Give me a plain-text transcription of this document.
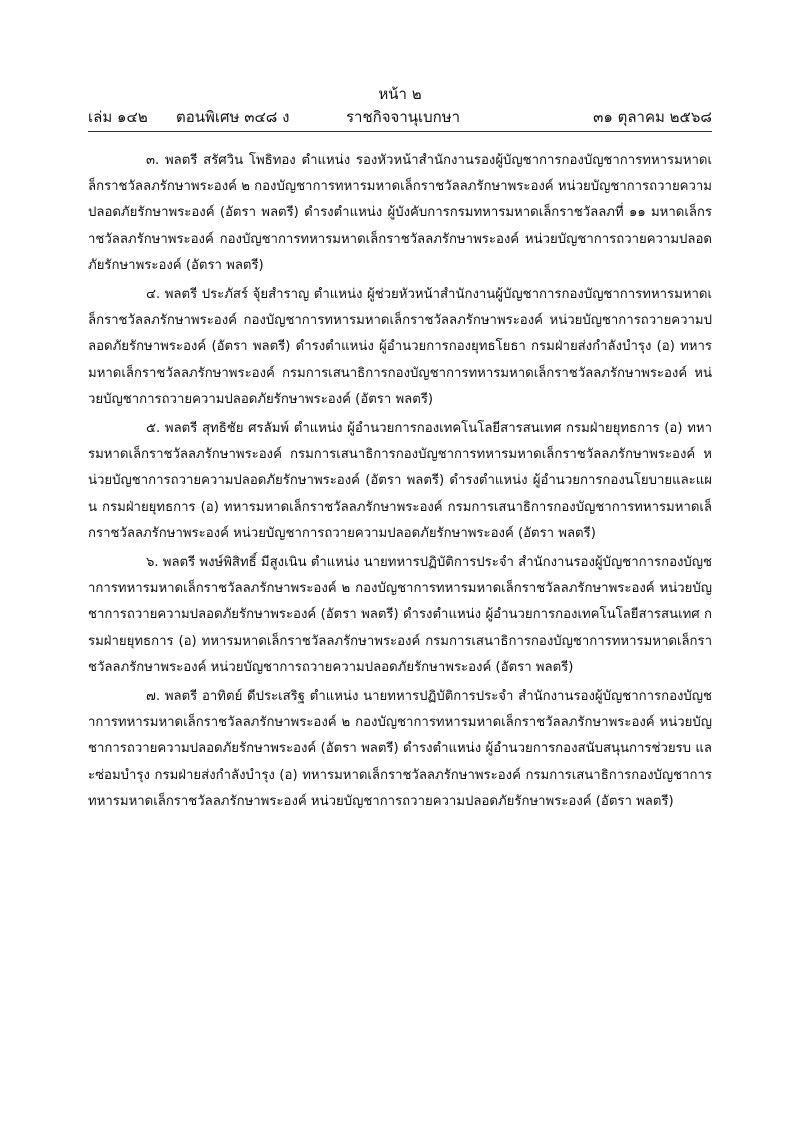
หน้า ๒
เล่ม ๑๔๒ ตอนพิเศษ ๓๔๘ ง	ราชกิจจานุเบกษา	๓๑ ตุลาคม ๒๕๖๘

๓. พลตรี สรัศวิน โพธิทอง ตำแหน่ง รองหัวหน้าสำนักงานรองผู้บัญชาการกองบัญชาการทหารมหาดเล็กราชวัลลภรักษาพระองค์ ๒ กองบัญชาการทหารมหาดเล็กราชวัลลภรักษาพระองค์ หน่วยบัญชาการถวายความปลอดภัยรักษาพระองค์ (อัตรา พลตรี) ดำรงตำแหน่ง ผู้บังคับการกรมทหารมหาดเล็กราชวัลลภที่ ๑๑ มหาดเล็กราชวัลลภรักษาพระองค์ กองบัญชาการทหารมหาดเล็กราชวัลลภรักษาพระองค์ หน่วยบัญชาการถวายความปลอดภัยรักษาพระองค์ (อัตรา พลตรี)

๔. พลตรี ประภัสร์ จุ้ยสำราญ ตำแหน่ง ผู้ช่วยหัวหน้าสำนักงานผู้บัญชาการกองบัญชาการทหารมหาดเล็กราชวัลลภรักษาพระองค์ กองบัญชาการทหารมหาดเล็กราชวัลลภรักษาพระองค์ หน่วยบัญชาการถวายความปลอดภัยรักษาพระองค์ (อัตรา พลตรี) ดำรงตำแหน่ง ผู้อำนวยการกองยุทธโยธา กรมฝ่ายส่งกำลังบำรุง (อ) ทหารมหาดเล็กราชวัลลภรักษาพระองค์ กรมการเสนาธิการกองบัญชาการทหารมหาดเล็กราชวัลลภรักษาพระองค์ หน่วยบัญชาการถวายความปลอดภัยรักษาพระองค์ (อัตรา พลตรี)

๕. พลตรี สุทธิชัย ศรลัมพ์ ตำแหน่ง ผู้อำนวยการกองเทคโนโลยีสารสนเทศ กรมฝ่ายยุทธการ (อ) ทหารมหาดเล็กราชวัลลภรักษาพระองค์ กรมการเสนาธิการกองบัญชาการทหารมหาดเล็กราชวัลลภรักษาพระองค์ หน่วยบัญชาการถวายความปลอดภัยรักษาพระองค์ (อัตรา พลตรี) ดำรงตำแหน่ง ผู้อำนวยการกองนโยบายและแผน กรมฝ่ายยุทธการ (อ) ทหารมหาดเล็กราชวัลลภรักษาพระองค์ กรมการเสนาธิการกองบัญชาการทหารมหาดเล็กราชวัลลภรักษาพระองค์ หน่วยบัญชาการถวายความปลอดภัยรักษาพระองค์ (อัตรา พลตรี)

๖. พลตรี พงษ์พิสิทธิ์ มีสูงเนิน ตำแหน่ง นายทหารปฏิบัติการประจำ สำนักงานรองผู้บัญชาการกองบัญชาการทหารมหาดเล็กราชวัลลภรักษาพระองค์ ๒ กองบัญชาการทหารมหาดเล็กราชวัลลภรักษาพระองค์ หน่วยบัญชาการถวายความปลอดภัยรักษาพระองค์ (อัตรา พลตรี) ดำรงตำแหน่ง ผู้อำนวยการกองเทคโนโลยีสารสนเทศ กรมฝ่ายยุทธการ (อ) ทหารมหาดเล็กราชวัลลภรักษาพระองค์ กรมการเสนาธิการกองบัญชาการทหารมหาดเล็กราชวัลลภรักษาพระองค์ หน่วยบัญชาการถวายความปลอดภัยรักษาพระองค์ (อัตรา พลตรี)

๗. พลตรี อาทิตย์ ดีประเสริฐ ตำแหน่ง นายทหารปฏิบัติการประจำ สำนักงานรองผู้บัญชาการกองบัญชาการทหารมหาดเล็กราชวัลลภรักษาพระองค์ ๒ กองบัญชาการทหารมหาดเล็กราชวัลลภรักษาพระองค์ หน่วยบัญชาการถวายความปลอดภัยรักษาพระองค์ (อัตรา พลตรี) ดำรงตำแหน่ง ผู้อำนวยการกองสนับสนุนการช่วยรบ และซ่อมบำรุง กรมฝ่ายส่งกำลังบำรุง (อ) ทหารมหาดเล็กราชวัลลภรักษาพระองค์ กรมการเสนาธิการกองบัญชาการทหารมหาดเล็กราชวัลลภรักษาพระองค์ หน่วยบัญชาการถวายความปลอดภัยรักษาพระองค์ (อัตรา พลตรี)
